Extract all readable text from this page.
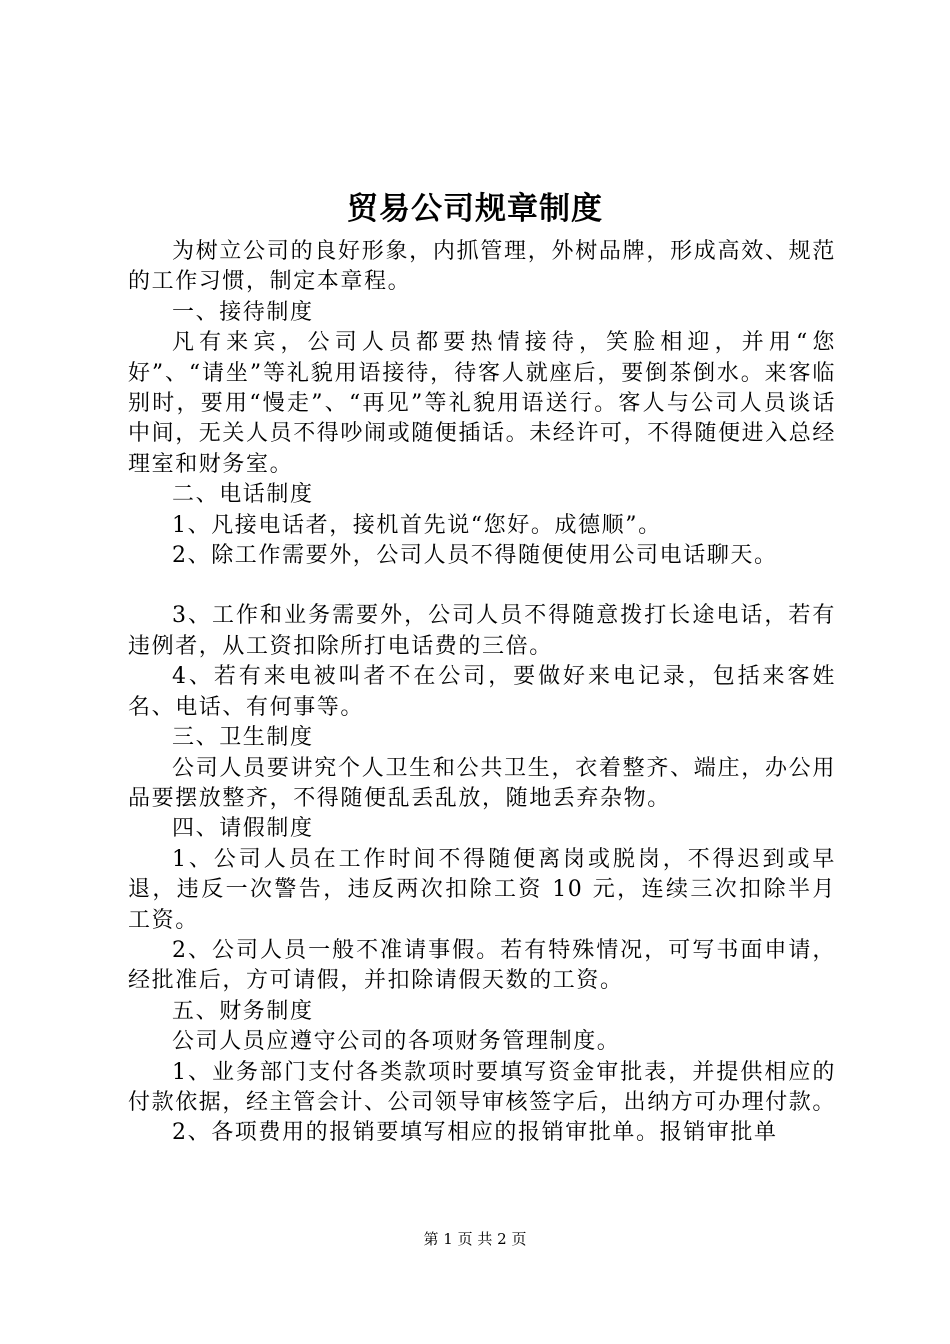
贸易公司规章制度

为树立公司的良好形象，内抓管理，外树品牌，形成高效、规范的工作习惯，制定本章程。

一、接待制度

凡有来宾，公司人员都要热情接待，笑脸相迎，并用“您好”、“请坐”等礼貌用语接待，待客人就座后，要倒茶倒水。来客临别时，要用“慢走”、“再见”等礼貌用语送行。客人与公司人员谈话中间，无关人员不得吵闹或随便插话。未经许可，不得随便进入总经理室和财务室。

二、电话制度

1、凡接电话者，接机首先说“您好。成德顺”。

2、除工作需要外，公司人员不得随便使用公司电话聊天。

3、工作和业务需要外，公司人员不得随意拨打长途电话，若有违例者，从工资扣除所打电话费的三倍。

4、若有来电被叫者不在公司，要做好来电记录，包括来客姓名、电话、有何事等。

三、卫生制度

公司人员要讲究个人卫生和公共卫生，衣着整齐、端庄，办公用品要摆放整齐，不得随便乱丢乱放，随地丢弃杂物。

四、请假制度

1、公司人员在工作时间不得随便离岗或脱岗，不得迟到或早退，违反一次警告，违反两次扣除工资 10 元，连续三次扣除半月工资。

2、公司人员一般不准请事假。若有特殊情况，可写书面申请，经批准后，方可请假，并扣除请假天数的工资。

五、财务制度

公司人员应遵守公司的各项财务管理制度。

1、业务部门支付各类款项时要填写资金审批表，并提供相应的付款依据，经主管会计、公司领导审核签字后，出纳方可办理付款。

2、各项费用的报销要填写相应的报销审批单。报销审批单

第 1 页 共 2 页
